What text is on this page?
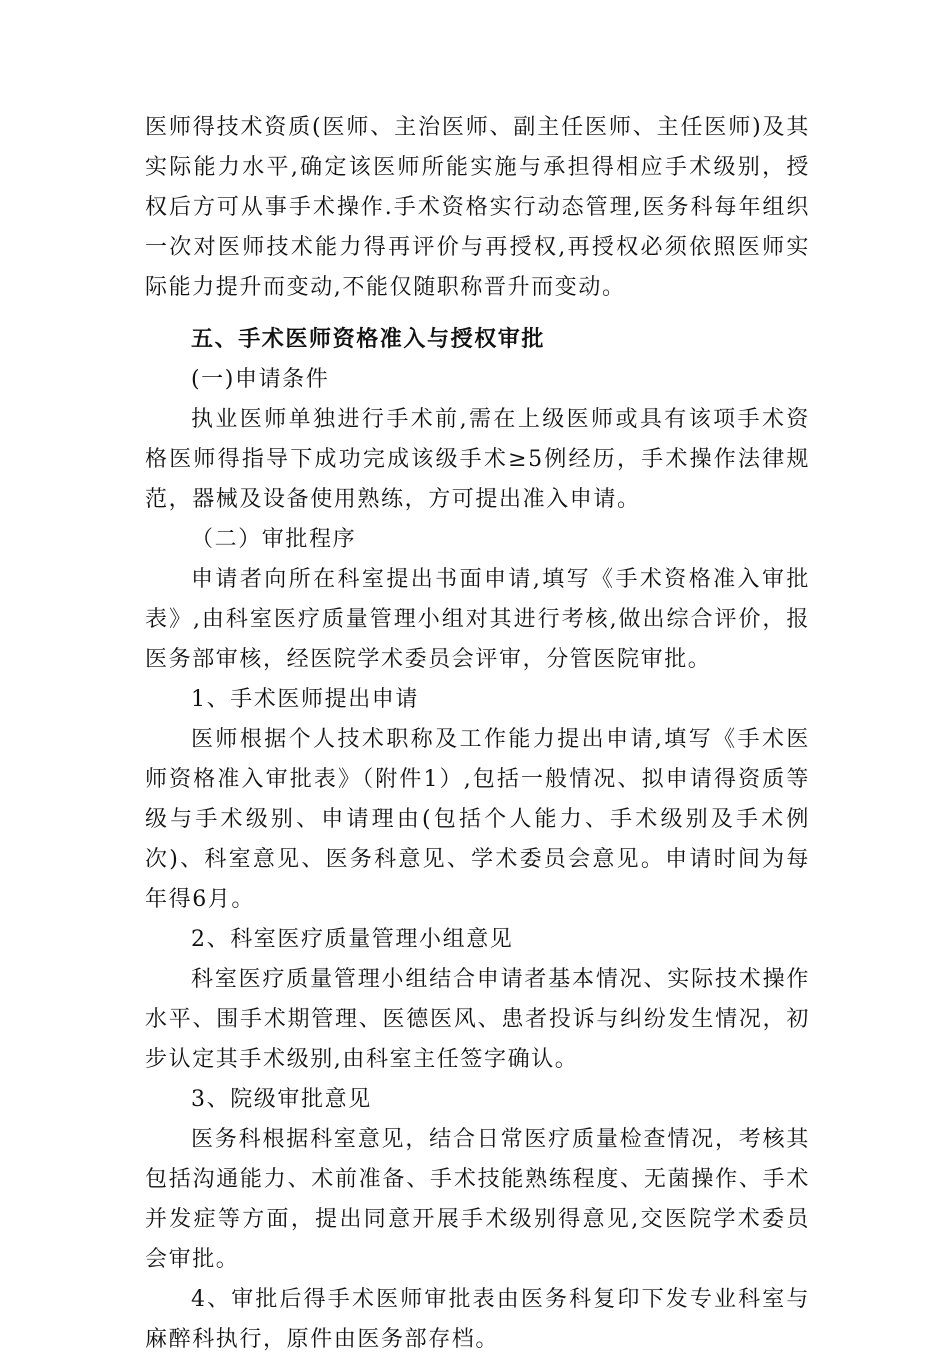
医师得技术资质(医师、主治医师、副主任医师、主任医师)及其实际能力水平,确定该医师所能实施与承担得相应手术级别，授权后方可从事手术操作.手术资格实行动态管理,医务科每年组织一次对医师技术能力得再评价与再授权,再授权必须依照医师实际能力提升而变动,不能仅随职称晋升而变动。

五、手术医师资格准入与授权审批

(一)申请条件

执业医师单独进行手术前,需在上级医师或具有该项手术资格医师得指导下成功完成该级手术≥5例经历，手术操作法律规范，器械及设备使用熟练，方可提出准入申请。

（二）审批程序

申请者向所在科室提出书面申请,填写《手术资格准入审批表》,由科室医疗质量管理小组对其进行考核,做出综合评价，报医务部审核，经医院学术委员会评审，分管医院审批。

1、手术医师提出申请

医师根据个人技术职称及工作能力提出申请,填写《手术医师资格准入审批表》（附件1）,包括一般情况、拟申请得资质等级与手术级别、申请理由(包括个人能力、手术级别及手术例次)、科室意见、医务科意见、学术委员会意见。申请时间为每年得6月。

2、科室医疗质量管理小组意见

科室医疗质量管理小组结合申请者基本情况、实际技术操作水平、围手术期管理、医德医风、患者投诉与纠纷发生情况，初步认定其手术级别,由科室主任签字确认。

3、院级审批意见

医务科根据科室意见，结合日常医疗质量检查情况，考核其包括沟通能力、术前准备、手术技能熟练程度、无菌操作、手术并发症等方面，提出同意开展手术级别得意见,交医院学术委员会审批。

4、审批后得手术医师审批表由医务科复印下发专业科室与麻醉科执行，原件由医务部存档。
